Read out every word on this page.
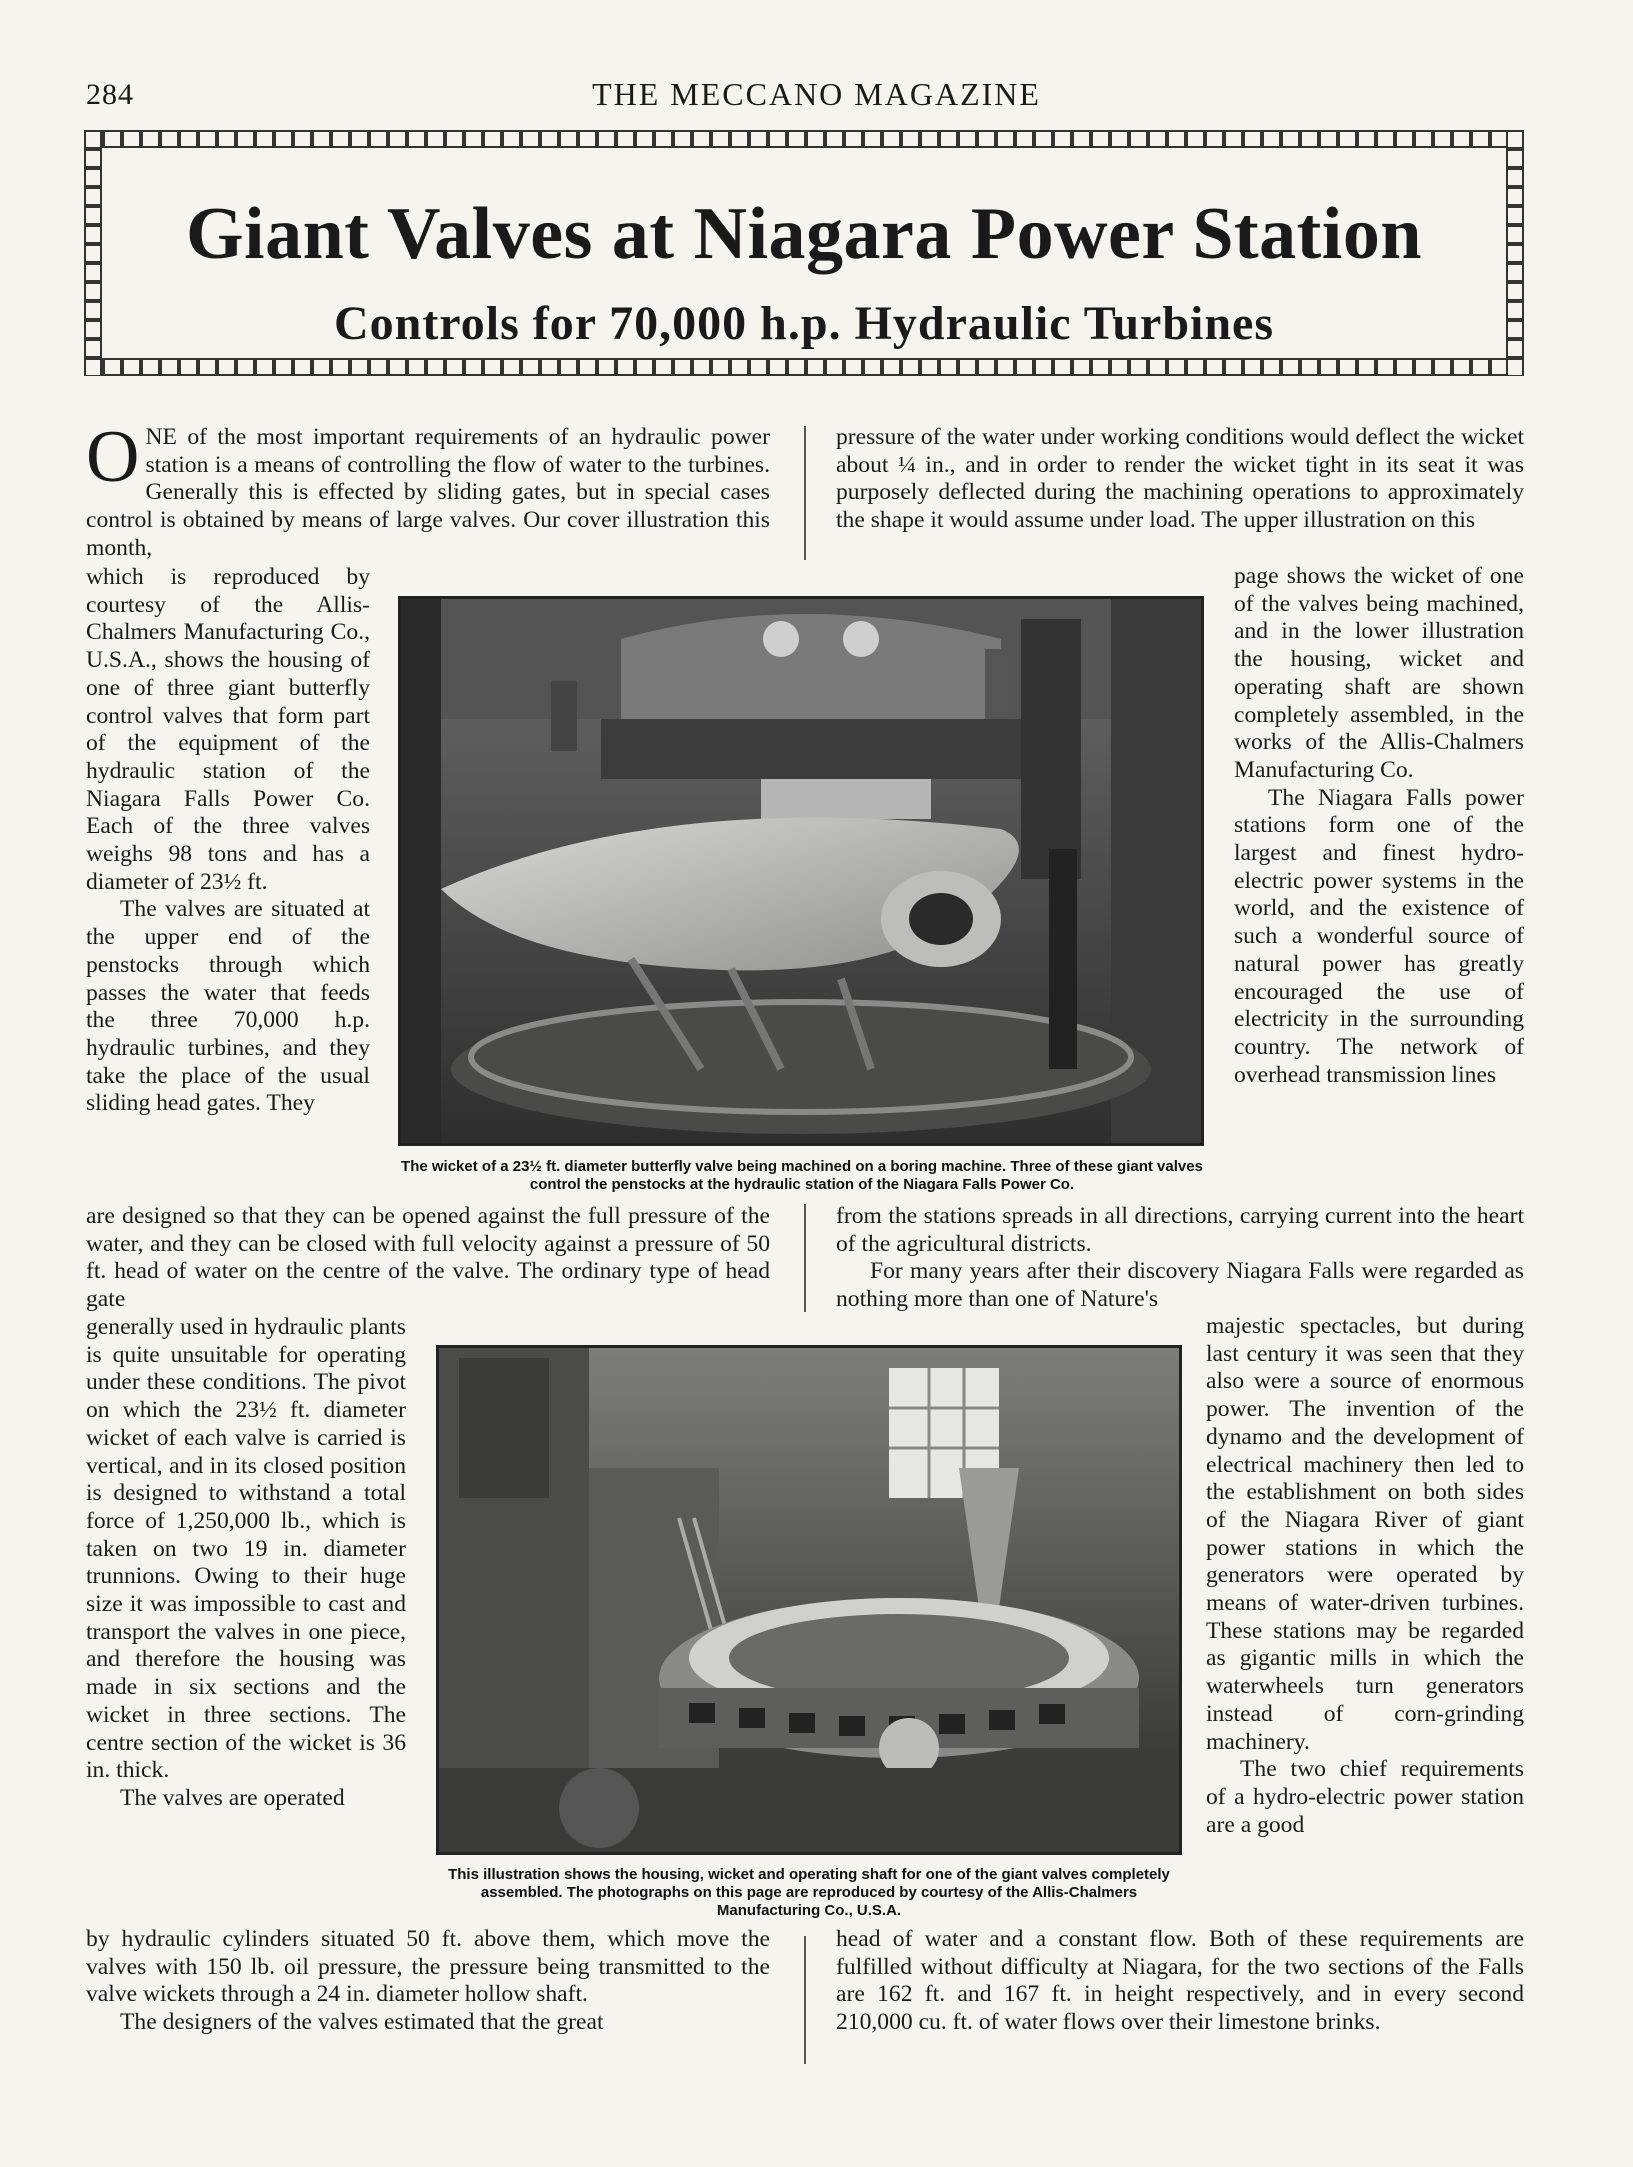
284	THE MECCANO MAGAZINE
Giant Valves at Niagara Power Station
Controls for 70,000 h.p. Hydraulic Turbines

ONE of the most important requirements of an hydraulic power station is a means of controlling the flow of water to the turbines. Generally this is effected by sliding gates, but in special cases control is obtained by means of large valves. Our cover illustration this month,

which is reproduced by courtesy of the Allis-Chalmers Manufacturing Co., U.S.A., shows the housing of one of three giant butterfly control valves that form part of the equipment of the hydraulic station of the Niagara Falls Power Co. Each of the three valves weighs 98 tons and has a diameter of 23½ ft.

The valves are situated at the upper end of the penstocks through which passes the water that feeds the three 70,000 h.p. hydraulic turbines, and they take the place of the usual sliding head gates. They

are designed so that they can be opened against the full pressure of the water, and they can be closed with full velocity against a pressure of 50 ft. head of water on the centre of the valve. The ordinary type of head gate

generally used in hydraulic plants is quite unsuitable for operating under these conditions. The pivot on which the 23½ ft. diameter wicket of each valve is carried is vertical, and in its closed position is designed to withstand a total force of 1,250,000 lb., which is taken on two 19 in. diameter trunnions. Owing to their huge size it was impossible to cast and transport the valves in one piece, and therefore the housing was made in six sections and the wicket in three sections. The centre section of the wicket is 36 in. thick.

The valves are operated

by hydraulic cylinders situated 50 ft. above them, which move the valves with 150 lb. oil pressure, the pressure being transmitted to the valve wickets through a 24 in. diameter hollow shaft.

The designers of the valves estimated that the great

pressure of the water under working conditions would deflect the wicket about ¼ in., and in order to render the wicket tight in its seat it was purposely deflected during the machining operations to approximately the shape it would assume under load. The upper illustration on this

page shows the wicket of one of the valves being machined, and in the lower illustration the housing, wicket and operating shaft are shown completely assembled, in the works of the Allis-Chalmers Manufacturing Co.

The Niagara Falls power stations form one of the largest and finest hydro-electric power systems in the world, and the existence of such a wonderful source of natural power has greatly encouraged the use of electricity in the surrounding country. The network of overhead transmission lines

from the stations spreads in all directions, carrying current into the heart of the agricultural districts.

For many years after their discovery Niagara Falls were regarded as nothing more than one of Nature's

majestic spectacles, but during last century it was seen that they also were a source of enormous power. The invention of the dynamo and the development of electrical machinery then led to the establishment on both sides of the Niagara River of giant power stations in which the generators were operated by means of water-driven turbines. These stations may be regarded as gigantic mills in which the waterwheels turn generators instead of corn-grinding machinery.

The two chief requirements of a hydro-electric power station are a good

head of water and a constant flow. Both of these requirements are fulfilled without difficulty at Niagara, for the two sections of the Falls are 162 ft. and 167 ft. in height respectively, and in every second 210,000 cu. ft. of water flows over their limestone brinks.

The wicket of a 23½ ft. diameter butterfly valve being machined on a boring machine. Three of these giant valves control the penstocks at the hydraulic station of the Niagara Falls Power Co.
This illustration shows the housing, wicket and operating shaft for one of the giant valves completely assembled. The photographs on this page are reproduced by courtesy of the Allis-Chalmers Manufacturing Co., U.S.A.
